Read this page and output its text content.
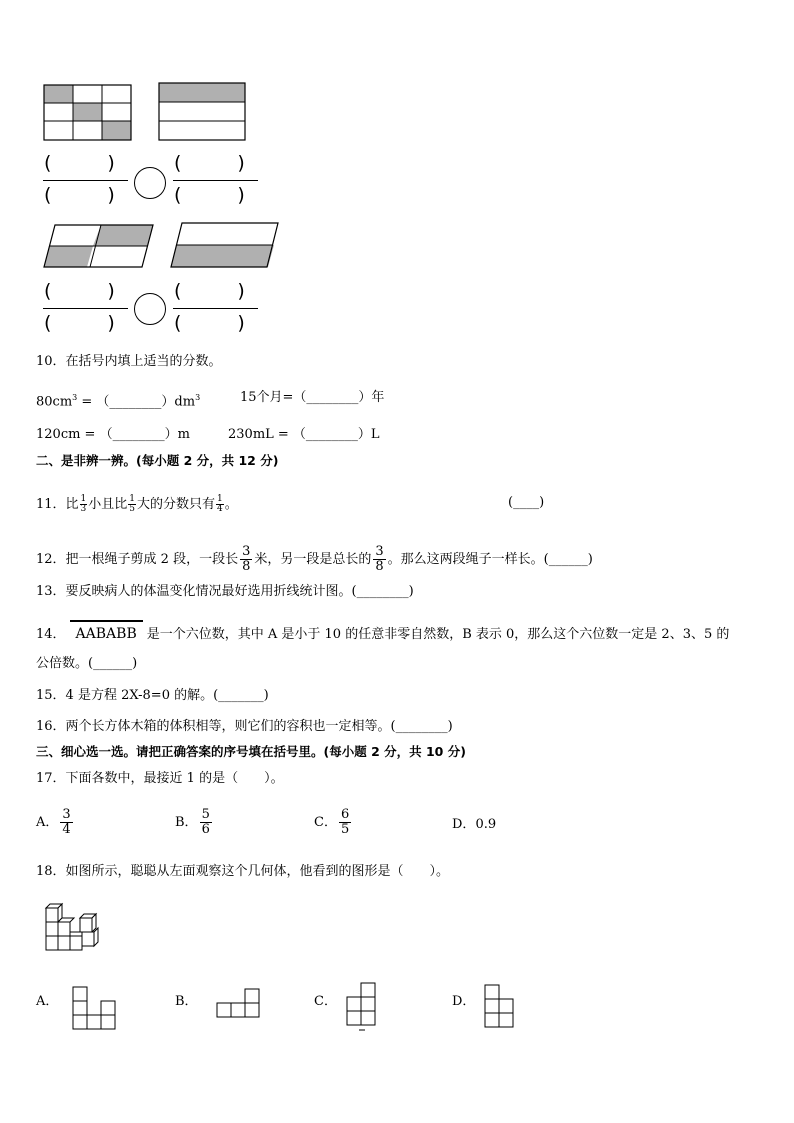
(	)
(	)
(	)
(	)
(	)
(	)
(	)
(	)
10．在括号内填上适当的分数。
$80cm^3$ = $(\_\_\_\_\_\_\_\_)dm^3$	15个月=（________）年
120cm = （________）m	230mL = （________）L
二、是非辨一辨。(每小题 2 分，共 12 分)
11．比 $\frac{1}{3}$ 小且比 $\frac{1}{5}$ 大的分数只有 $\frac{1}{4}$ 。	(____)
12．把一根绳子剪成 2 段，一段长 $\frac{3}{8}$ 米，另一段是总长的 $\frac{3}{8}$ 。那么这两段绳子一样长。(______)
13．要反映病人的体温变化情况最好选用折线统计图。(________)
14． AABABB 是一个六位数，其中 A 是小于 10 的任意非零自然数，B 表示 0，那么这个六位数一定是 2、3、5 的
公倍数。(______)
15．4 是方程 2X-8=0 的解。(_______)
16．两个长方体木箱的体积相等，则它们的容积也一定相等。(________)
三、细心选一选。请把正确答案的序号填在括号里。(每小题 2 分，共 10 分)
17．下面各数中，最接近 1 的是（　　）。
A． $\frac{3}{4}$	B． $\frac{5}{6}$	C． $\frac{6}{5}$	D．0.9
18．如图所示，聪聪从左面观察这个几何体，他看到的图形是（　　）。
A．	B．	C．	D．
